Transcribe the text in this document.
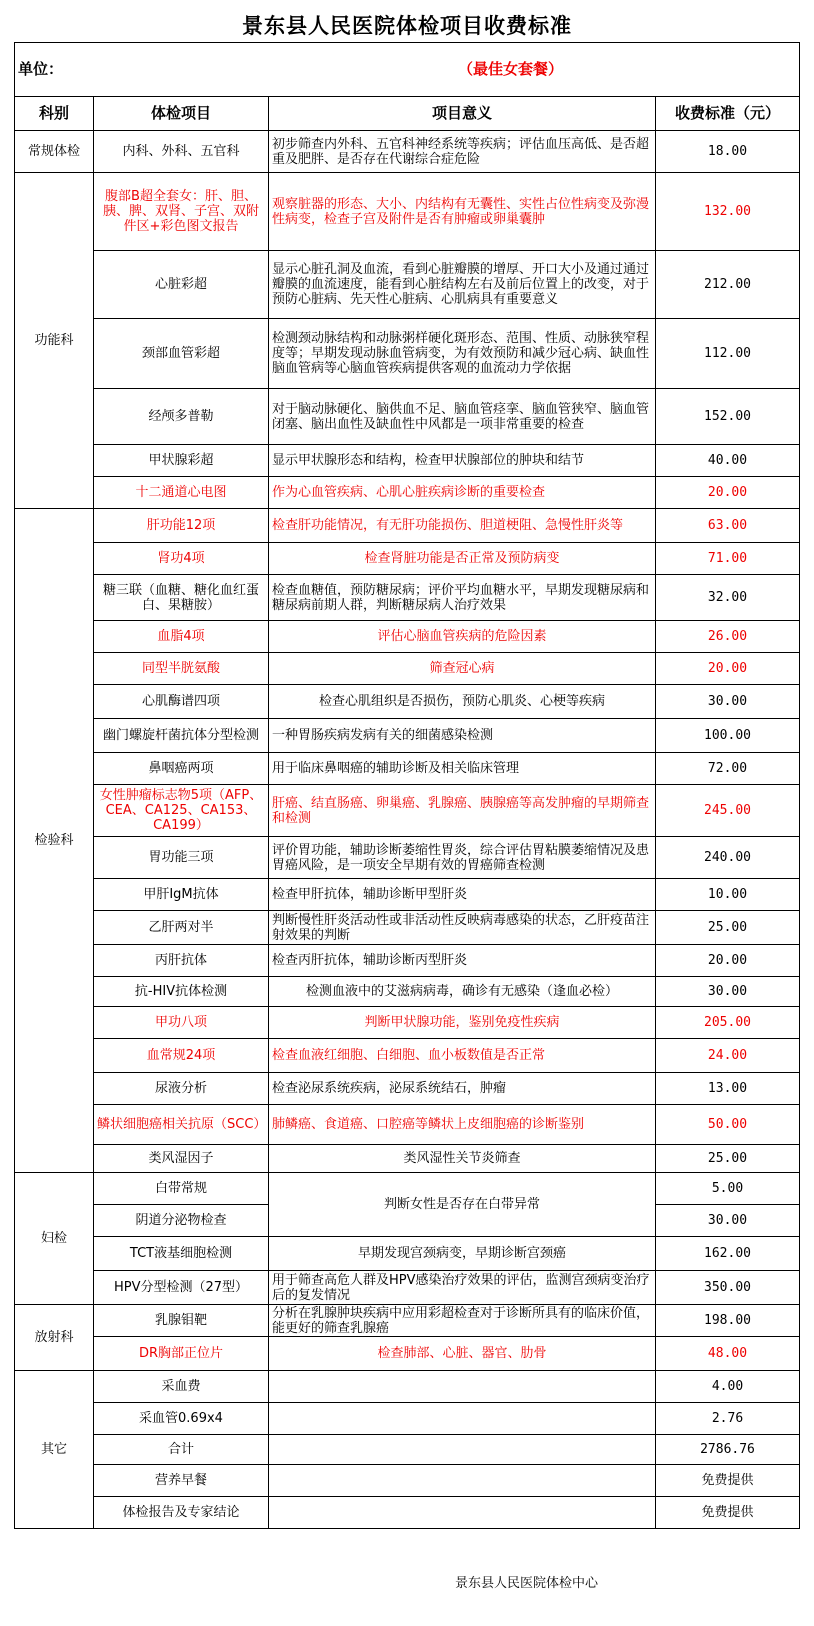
景东县人民医院体检项目收费标准
单位： （最佳女套餐）			
科别	体检项目	项目意义	收费标准（元）
常规体检	内科、外科、五官科	初步筛查内外科、五官科神经系统等疾病；评估血压高低、是否超重及肥胖、是否存在代谢综合症危险	18.00
功能科	腹部B超全套女：肝、胆、胰、脾、双肾、子宫、双附件区+彩色图文报告	观察脏器的形态、大小、内结构有无囊性、实性占位性病变及弥漫性病变，检查子宫及附件是否有肿瘤或卵巢囊肿	132.00
	心脏彩超	显示心脏孔洞及血流，看到心脏瓣膜的增厚、开口大小及通过通过瓣膜的血流速度，能看到心脏结构左右及前后位置上的改变，对于预防心脏病、先天性心脏病、心肌病具有重要意义	212.00
	颈部血管彩超	检测颈动脉结构和动脉粥样硬化斑形态、范围、性质、动脉狭窄程度等；早期发现动脉血管病变，为有效预防和减少冠心病、缺血性脑血管病等心脑血管疾病提供客观的血流动力学依据	112.00
	经颅多普勒	对于脑动脉硬化、脑供血不足、脑血管痉挛、脑血管狭窄、脑血管闭塞、脑出血性及缺血性中风都是一项非常重要的检查	152.00
	甲状腺彩超	显示甲状腺形态和结构，检查甲状腺部位的肿块和结节	40.00
	十二通道心电图	作为心血管疾病、心肌心脏疾病诊断的重要检查	20.00
检验科	肝功能12项	检查肝功能情况，有无肝功能损伤、胆道梗阻、急慢性肝炎等	63.00
	肾功4项	检查肾脏功能是否正常及预防病变	71.00
	糖三联（血糖、糖化血红蛋白、果糖胺）	检查血糖值，预防糖尿病；评价平均血糖水平，早期发现糖尿病和糖尿病前期人群，判断糖尿病人治疗效果	32.00
	血脂4项	评估心脑血管疾病的危险因素	26.00
	同型半胱氨酸	筛查冠心病	20.00
	心肌酶谱四项	检查心肌组织是否损伤，预防心肌炎、心梗等疾病	30.00
	幽门螺旋杆菌抗体分型检测	一种胃肠疾病发病有关的细菌感染检测	100.00
	鼻咽癌两项	用于临床鼻咽癌的辅助诊断及相关临床管理	72.00
	女性肿瘤标志物5项（AFP、CEA、CA125、CA153、CA199）	肝癌、结直肠癌、卵巢癌、乳腺癌、胰腺癌等高发肿瘤的早期筛查和检测	245.00
	胃功能三项	评价胃功能，辅助诊断萎缩性胃炎，综合评估胃粘膜萎缩情况及患胃癌风险，是一项安全早期有效的胃癌筛查检测	240.00
	甲肝IgM抗体	检查甲肝抗体，辅助诊断甲型肝炎	10.00
	乙肝两对半	判断慢性肝炎活动性或非活动性反映病毒感染的状态，乙肝疫苗注射效果的判断	25.00
	丙肝抗体	检查丙肝抗体，辅助诊断丙型肝炎	20.00
	抗-HIV抗体检测	检测血液中的艾滋病病毒，确诊有无感染（逢血必检）	30.00
	甲功八项	判断甲状腺功能，鉴别免疫性疾病	205.00
	血常规24项	检查血液红细胞、白细胞、血小板数值是否正常	24.00
	尿液分析	检查泌尿系统疾病，泌尿系统结石，肿瘤	13.00
	鳞状细胞癌相关抗原（SCC）	肺鳞癌、食道癌、口腔癌等鳞状上皮细胞癌的诊断鉴别	50.00
	类风湿因子	类风湿性关节炎筛查	25.00
妇检	白带常规	判断女性是否存在白带异常	5.00
	阴道分泌物检查		30.00
	TCT液基细胞检测	早期发现宫颈病变，早期诊断宫颈癌	162.00
	HPV分型检测（27型）	用于筛查高危人群及HPV感染治疗效果的评估，监测宫颈病变治疗后的复发情况	350.00
放射科	乳腺钼靶	分析在乳腺肿块疾病中应用彩超检查对于诊断所具有的临床价值，能更好的筛查乳腺癌	198.00
	DR胸部正位片	检查肺部、心脏、器官、肋骨	48.00
其它	采血费		4.00
	采血管0.69x4		2.76
	合计		2786.76
	营养早餐		免费提供
	体检报告及专家结论		免费提供
景东县人民医院体检中心
